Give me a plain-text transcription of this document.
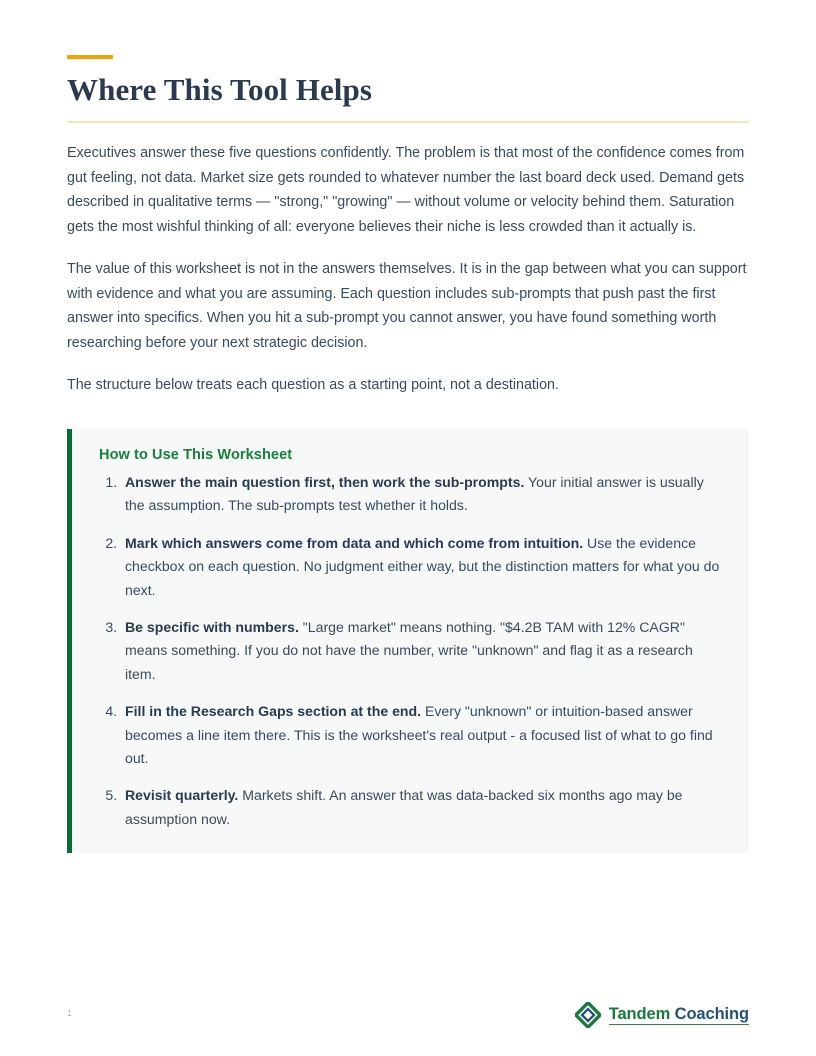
Where This Tool Helps

Executives answer these five questions confidently. The problem is that most of the confidence comes from gut feeling, not data. Market size gets rounded to whatever number the last board deck used. Demand gets described in qualitative terms — "strong," "growing" — without volume or velocity behind them. Saturation gets the most wishful thinking of all: everyone believes their niche is less crowded than it actually is.

The value of this worksheet is not in the answers themselves. It is in the gap between what you can support with evidence and what you are assuming. Each question includes sub-prompts that push past the first answer into specifics. When you hit a sub-prompt you cannot answer, you have found something worth researching before your next strategic decision.

The structure below treats each question as a starting point, not a destination.

How to Use This Worksheet
1. Answer the main question first, then work the sub-prompts. Your initial answer is usually the assumption. The sub-prompts test whether it holds.
2. Mark which answers come from data and which come from intuition. Use the evidence checkbox on each question. No judgment either way, but the distinction matters for what you do next.
3. Be specific with numbers. "Large market" means nothing. "$4.2B TAM with 12% CAGR" means something. If you do not have the number, write "unknown" and flag it as a research item.
4. Fill in the Research Gaps section at the end. Every "unknown" or intuition-based answer becomes a line item there. This is the worksheet's real output - a focused list of what to go find out.
5. Revisit quarterly. Markets shift. An answer that was data-backed six months ago may be assumption now.
1	Tandem Coaching
